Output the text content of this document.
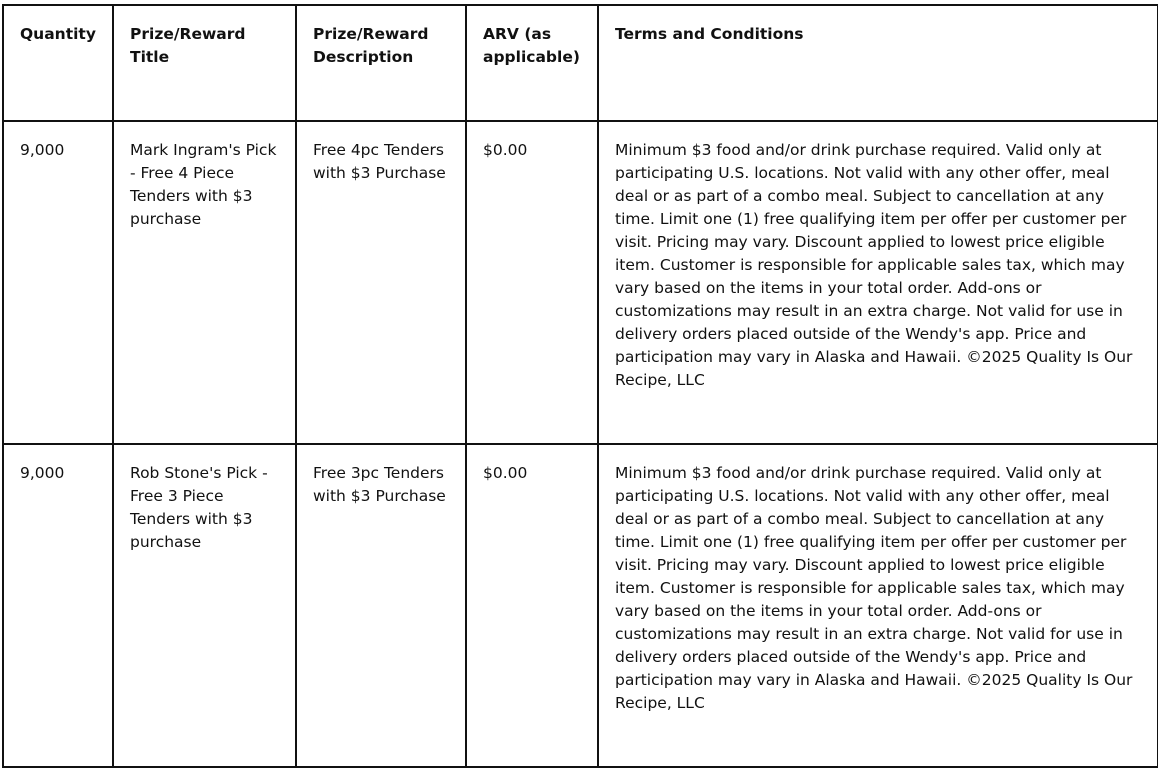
Quantity	Prize/Reward Title	Prize/Reward Description	ARV (as applicable)	Terms and Conditions
9,000	Mark Ingram's Pick - Free 4 Piece Tenders with $3 purchase	Free 4pc Tenders with $3 Purchase	$0.00	Minimum $3 food and/or drink purchase required. Valid only at participating U.S. locations. Not valid with any other offer, meal deal or as part of a combo meal. Subject to cancellation at any time. Limit one (1) free qualifying item per offer per customer per visit. Pricing may vary. Discount applied to lowest price eligible item. Customer is responsible for applicable sales tax, which may vary based on the items in your total order. Add-ons or customizations may result in an extra charge. Not valid for use in delivery orders placed outside of the Wendy's app. Price and participation may vary in Alaska and Hawaii. ©2025 Quality Is Our Recipe, LLC
9,000	Rob Stone's Pick - Free 3 Piece Tenders with $3 purchase	Free 3pc Tenders with $3 Purchase	$0.00	Minimum $3 food and/or drink purchase required. Valid only at participating U.S. locations. Not valid with any other offer, meal deal or as part of a combo meal. Subject to cancellation at any time. Limit one (1) free qualifying item per offer per customer per visit. Pricing may vary. Discount applied to lowest price eligible item. Customer is responsible for applicable sales tax, which may vary based on the items in your total order. Add-ons or customizations may result in an extra charge. Not valid for use in delivery orders placed outside of the Wendy's app. Price and participation may vary in Alaska and Hawaii. ©2025 Quality Is Our Recipe, LLC
